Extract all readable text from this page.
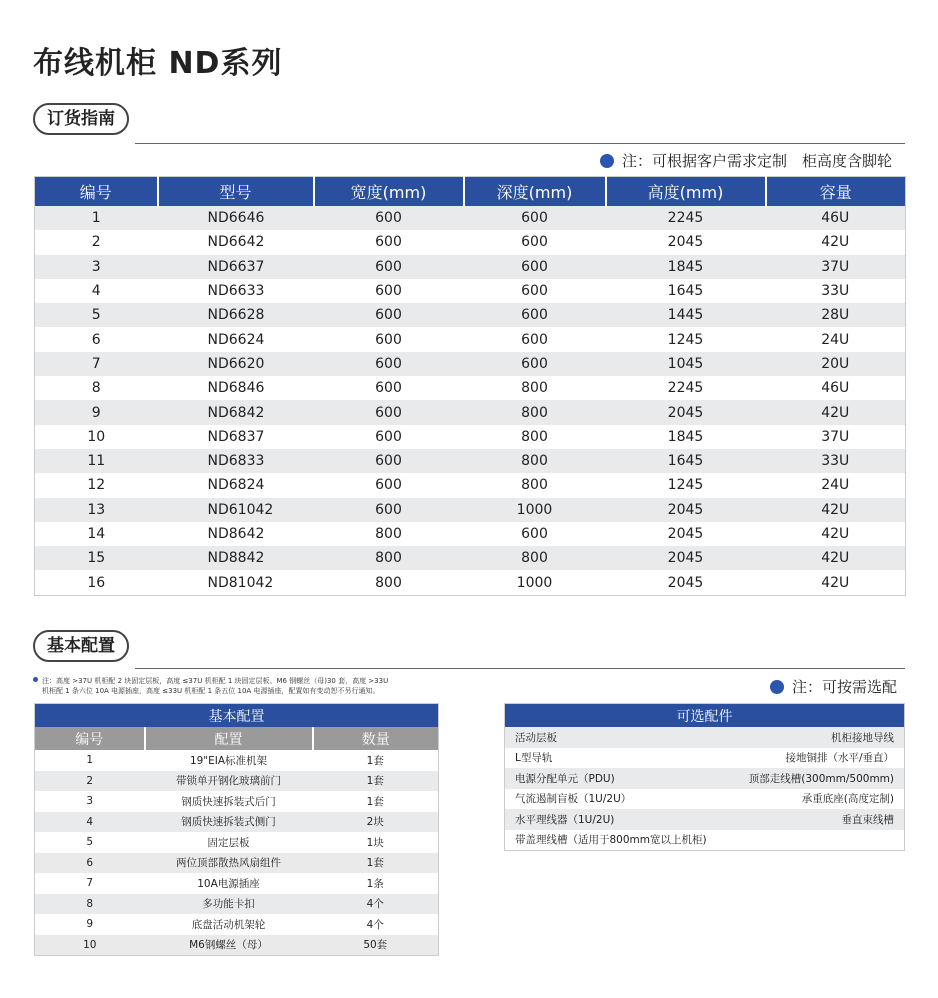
布线机柜 ND系列
订货指南
注：可根据客户需求定制　柜高度含脚轮
编号	型号	宽度(mm)	深度(mm)	高度(mm)	容量
1	ND6646	600	600	2245	46U
2	ND6642	600	600	2045	42U
3	ND6637	600	600	1845	37U
4	ND6633	600	600	1645	33U
5	ND6628	600	600	1445	28U
6	ND6624	600	600	1245	24U
7	ND6620	600	600	1045	20U
8	ND6846	600	800	2245	46U
9	ND6842	600	800	2045	42U
10	ND6837	600	800	1845	37U
11	ND6833	600	800	1645	33U
12	ND6824	600	800	1245	24U
13	ND61042	600	1000	2045	42U
14	ND8642	800	600	2045	42U
15	ND8842	800	800	2045	42U
16	ND81042	800	1000	2045	42U
基本配置
注：高度 >37U 机柜配 2 块固定层板，高度 ≤37U 机柜配 1 块固定层板、M6 钢螺丝（母)30 套，高度 >33U
机柜配 1 条六位 10A 电源插座，高度 ≤33U 机柜配 1 条五位 10A 电源插座，配置如有变动恕不另行通知。	注：可按需选配
基本配置		
编号	配置	数量
1	19"EIA标准机架	1套
2	带锁单开钢化玻璃前门	1套
3	钢质快速拆装式后门	1套
4	钢质快速拆装式侧门	2块
5	固定层板	1块
6	两位顶部散热风扇组件	1套
7	10A电源插座	1条
8	多功能卡扣	4个
9	底盘活动机架轮	4个
10	M6钢螺丝（母）	50套
可选配件	
活动层板	机柜接地导线
L型导轨	接地铜排（水平/垂直）
电源分配单元（PDU)	顶部走线槽(300mm/500mm)
气流遏制盲板（1U/2U）	承重底座(高度定制)
水平理线器（1U/2U)	垂直束线槽
带盖理线槽（适用于800mm宽以上机柜)	
